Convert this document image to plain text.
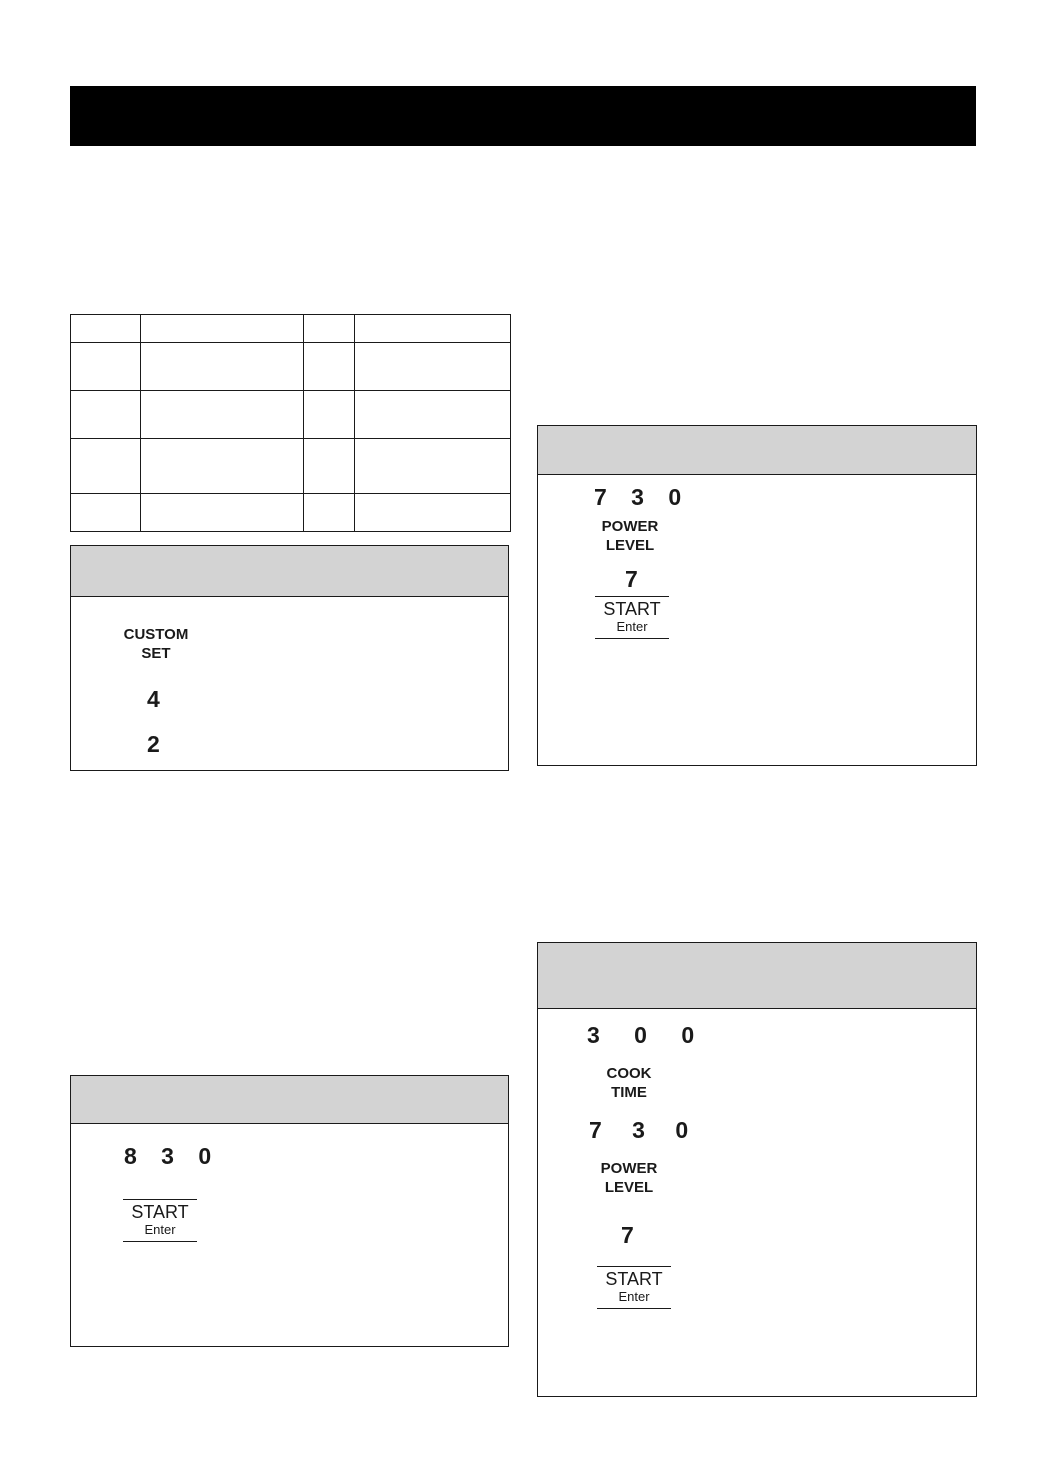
CUSTOM
SET
4
2
8 3 0
START
Enter
7 3 0
POWER
LEVEL
7
START
Enter
3 0 0
COOK
TIME
7 3 0
POWER
LEVEL
7
START
Enter
